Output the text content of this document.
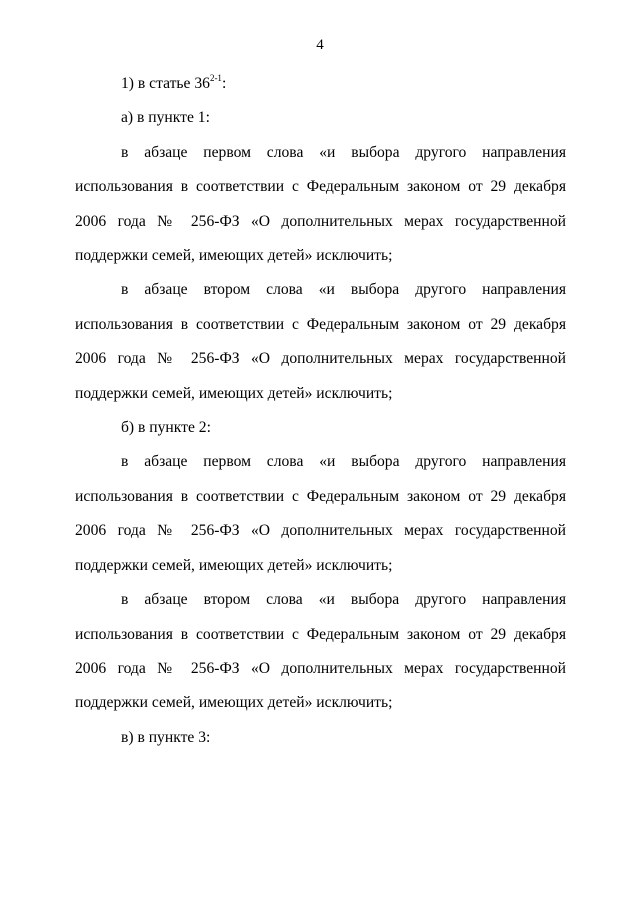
4

1) в статье 36$^{2-1}$:

а) в пункте 1:

в абзаце первом слова «и выбора другого направления использования в соответствии с Федеральным законом от 29 декабря 2006 года № 256-ФЗ «О дополнительных мерах государственной поддержки семей, имеющих детей» исключить;

в абзаце втором слова «и выбора другого направления использования в соответствии с Федеральным законом от 29 декабря 2006 года № 256-ФЗ «О дополнительных мерах государственной поддержки семей, имеющих детей» исключить;

б) в пункте 2:

в абзаце первом слова «и выбора другого направления использования в соответствии с Федеральным законом от 29 декабря 2006 года № 256-ФЗ «О дополнительных мерах государственной поддержки семей, имеющих детей» исключить;

в абзаце втором слова «и выбора другого направления использования в соответствии с Федеральным законом от 29 декабря 2006 года № 256-ФЗ «О дополнительных мерах государственной поддержки семей, имеющих детей» исключить;

в) в пункте 3:
